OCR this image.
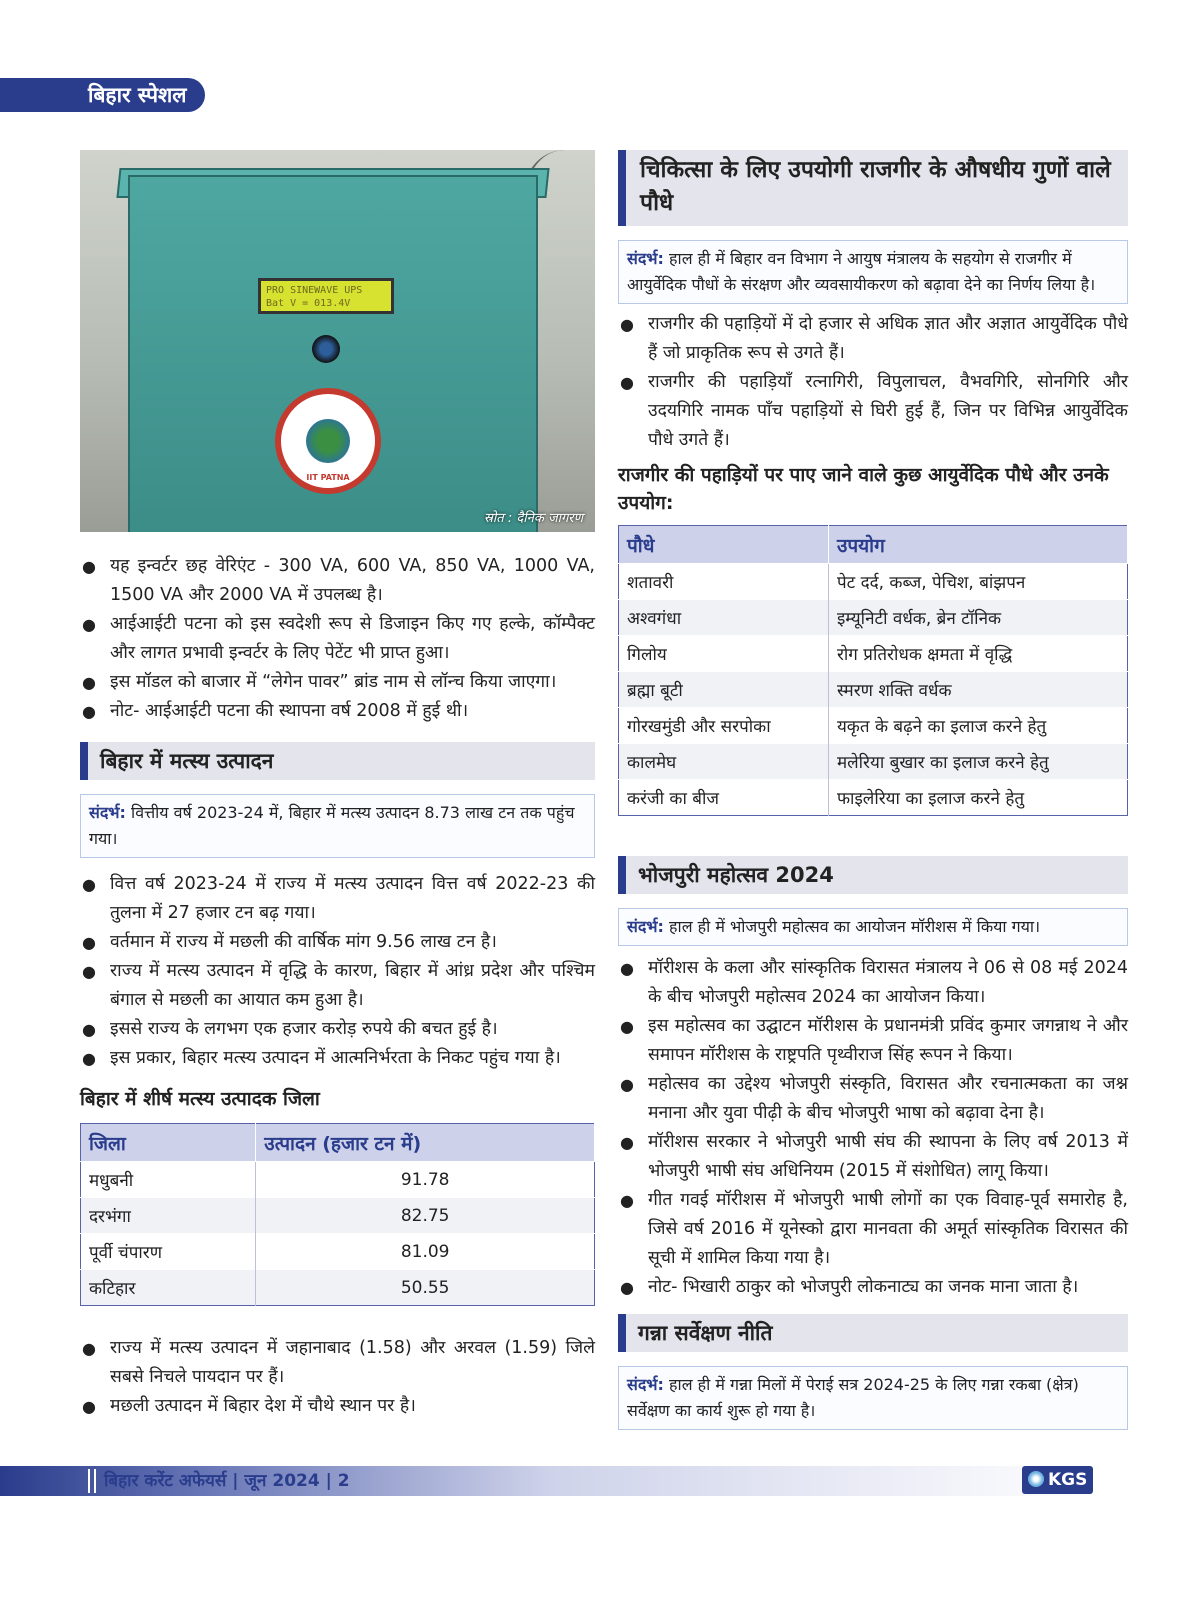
बिहार स्पेशल
PRO SINEWAVE UPS
Bat V = 013.4V
IIT PATNA
स्रोत : दैनिक जागरण
● यह इन्वर्टर छह वेरिएंट - 300 VA, 600 VA, 850 VA, 1000 VA, 1500 VA और 2000 VA में उपलब्ध है।
● आईआईटी पटना को इस स्वदेशी रूप से डिजाइन किए गए हल्के, कॉम्पैक्ट और लागत प्रभावी इन्वर्टर के लिए पेटेंट भी प्राप्त हुआ।
● इस मॉडल को बाजार में “लेगेन पावर” ब्रांड नाम से लॉन्च किया जाएगा।
● नोट- आईआईटी पटना की स्थापना वर्ष 2008 में हुई थी।
बिहार में मत्स्य उत्पादन
संदर्भ: वित्तीय वर्ष 2023-24 में, बिहार में मत्स्य उत्पादन 8.73 लाख टन तक पहुंच गया।
● वित्त वर्ष 2023-24 में राज्य में मत्स्य उत्पादन वित्त वर्ष 2022-23 की तुलना में 27 हजार टन बढ़ गया।
● वर्तमान में राज्य में मछली की वार्षिक मांग 9.56 लाख टन है।
● राज्य में मत्स्य उत्पादन में वृद्धि के कारण, बिहार में आंध्र प्रदेश और पश्चिम बंगाल से मछली का आयात कम हुआ है।
● इससे राज्य के लगभग एक हजार करोड़ रुपये की बचत हुई है।
● इस प्रकार, बिहार मत्स्य उत्पादन में आत्मनिर्भरता के निकट पहुंच गया है।
बिहार में शीर्ष मत्स्य उत्पादक जिला
जिला	उत्पादन (हजार टन में)
मधुबनी	91.78
दरभंगा	82.75
पूर्वी चंपारण	81.09
कटिहार	50.55
● राज्य में मत्स्य उत्पादन में जहानाबाद (1.58) और अरवल (1.59) जिले सबसे निचले पायदान पर हैं।
● मछली उत्पादन में बिहार देश में चौथे स्थान पर है।
चिकित्सा के लिए उपयोगी राजगीर के औषधीय गुणों वाले पौधे
संदर्भ: हाल ही में बिहार वन विभाग ने आयुष मंत्रालय के सहयोग से राजगीर में आयुर्वेदिक पौधों के संरक्षण और व्यवसायीकरण को बढ़ावा देने का निर्णय लिया है।
● राजगीर की पहाड़ियों में दो हजार से अधिक ज्ञात और अज्ञात आयुर्वेदिक पौधे हैं जो प्राकृतिक रूप से उगते हैं।
● राजगीर की पहाड़ियाँ रत्नागिरी, विपुलाचल, वैभवगिरि, सोनगिरि और उदयगिरि नामक पाँच पहाड़ियों से घिरी हुई हैं, जिन पर विभिन्न आयुर्वेदिक पौधे उगते हैं।
राजगीर की पहाड़ियों पर पाए जाने वाले कुछ आयुर्वेदिक पौधे और उनके उपयोग:
पौधे	उपयोग
शतावरी	पेट दर्द, कब्ज, पेचिश, बांझपन
अश्वगंधा	इम्यूनिटी वर्धक, ब्रेन टॉनिक
गिलोय	रोग प्रतिरोधक क्षमता में वृद्धि
ब्रह्मा बूटी	स्मरण शक्ति वर्धक
गोरखमुंडी और सरपोका	यकृत के बढ़ने का इलाज करने हेतु
कालमेघ	मलेरिया बुखार का इलाज करने हेतु
करंजी का बीज	फाइलेरिया का इलाज करने हेतु
भोजपुरी महोत्सव 2024
संदर्भ: हाल ही में भोजपुरी महोत्सव का आयोजन मॉरीशस में किया गया।
● मॉरीशस के कला और सांस्कृतिक विरासत मंत्रालय ने 06 से 08 मई 2024 के बीच भोजपुरी महोत्सव 2024 का आयोजन किया।
● इस महोत्सव का उद्घाटन मॉरीशस के प्रधानमंत्री प्रविंद कुमार जगन्नाथ ने और समापन मॉरीशस के राष्ट्रपति पृथ्वीराज सिंह रूपन ने किया।
● महोत्सव का उद्देश्य भोजपुरी संस्कृति, विरासत और रचनात्मकता का जश्न मनाना और युवा पीढ़ी के बीच भोजपुरी भाषा को बढ़ावा देना है।
● मॉरीशस सरकार ने भोजपुरी भाषी संघ की स्थापना के लिए वर्ष 2013 में भोजपुरी भाषी संघ अधिनियम (2015 में संशोधित) लागू किया।
● गीत गवई मॉरीशस में भोजपुरी भाषी लोगों का एक विवाह-पूर्व समारोह है, जिसे वर्ष 2016 में यूनेस्को द्वारा मानवता की अमूर्त सांस्कृतिक विरासत की सूची में शामिल किया गया है।
● नोट- भिखारी ठाकुर को भोजपुरी लोकनाट्य का जनक माना जाता है।
गन्ना सर्वेक्षण नीति
संदर्भ: हाल ही में गन्ना मिलों में पेराई सत्र 2024-25 के लिए गन्ना रकबा (क्षेत्र) सर्वेक्षण का कार्य शुरू हो गया है।
बिहार करेंट अफेयर्स | जून 2024 | 2	KGS
